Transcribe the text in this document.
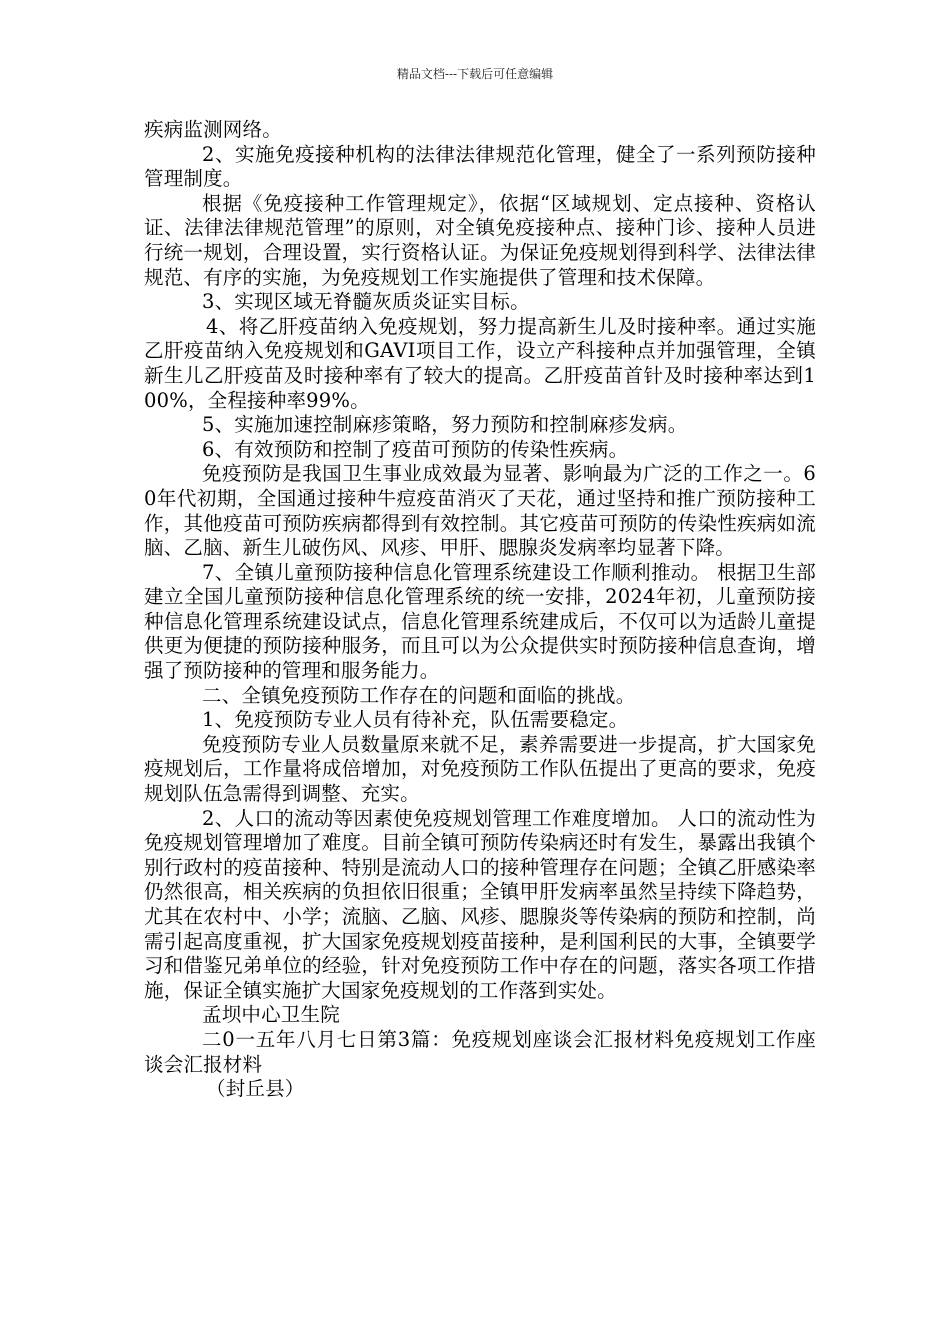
精品文档---下载后可任意编辑

疾病监测网络。

2、实施免疫接种机构的法律法律规范化管理，健全了一系列预防接种管理制度。

根据《免疫接种工作管理规定》，依据“区域规划、定点接种、资格认证、法律法律规范管理”的原则，对全镇免疫接种点、接种门诊、接种人员进行统一规划，合理设置，实行资格认证。为保证免疫规划得到科学、法律法律规范、有序的实施，为免疫规划工作实施提供了管理和技术保障。

3、实现区域无脊髓灰质炎证实目标。

4、将乙肝疫苗纳入免疫规划，努力提高新生儿及时接种率。通过实施乙肝疫苗纳入免疫规划和GAVI项目工作，设立产科接种点并加强管理，全镇新生儿乙肝疫苗及时接种率有了较大的提高。乙肝疫苗首针及时接种率达到100%，全程接种率99%。

5、实施加速控制麻疹策略，努力预防和控制麻疹发病。

6、有效预防和控制了疫苗可预防的传染性疾病。

免疫预防是我国卫生事业成效最为显著、影响最为广泛的工作之一。60年代初期，全国通过接种牛痘疫苗消灭了天花，通过坚持和推广预防接种工作，其他疫苗可预防疾病都得到有效控制。其它疫苗可预防的传染性疾病如流脑、乙脑、新生儿破伤风、风疹、甲肝、腮腺炎发病率均显著下降。

7、全镇儿童预防接种信息化管理系统建设工作顺利推动。 根据卫生部建立全国儿童预防接种信息化管理系统的统一安排，2024年初，儿童预防接种信息化管理系统建设试点，信息化管理系统建成后，不仅可以为适龄儿童提供更为便捷的预防接种服务，而且可以为公众提供实时预防接种信息查询，增强了预防接种的管理和服务能力。

二、全镇免疫预防工作存在的问题和面临的挑战。

1、免疫预防专业人员有待补充，队伍需要稳定。

免疫预防专业人员数量原来就不足，素养需要进一步提高，扩大国家免疫规划后，工作量将成倍增加，对免疫预防工作队伍提出了更高的要求，免疫规划队伍急需得到调整、充实。

2、人口的流动等因素使免疫规划管理工作难度增加。 人口的流动性为免疫规划管理增加了难度。目前全镇可预防传染病还时有发生，暴露出我镇个别行政村的疫苗接种、特别是流动人口的接种管理存在问题；全镇乙肝感染率仍然很高，相关疾病的负担依旧很重；全镇甲肝发病率虽然呈持续下降趋势，尤其在农村中、小学；流脑、乙脑、风疹、腮腺炎等传染病的预防和控制，尚需引起高度重视，扩大国家免疫规划疫苗接种，是利国利民的大事，全镇要学习和借鉴兄弟单位的经验，针对免疫预防工作中存在的问题，落实各项工作措施，保证全镇实施扩大国家免疫规划的工作落到实处。

孟坝中心卫生院

二0一五年八月七日第3篇：免疫规划座谈会汇报材料免疫规划工作座谈会汇报材料

（封丘县）
